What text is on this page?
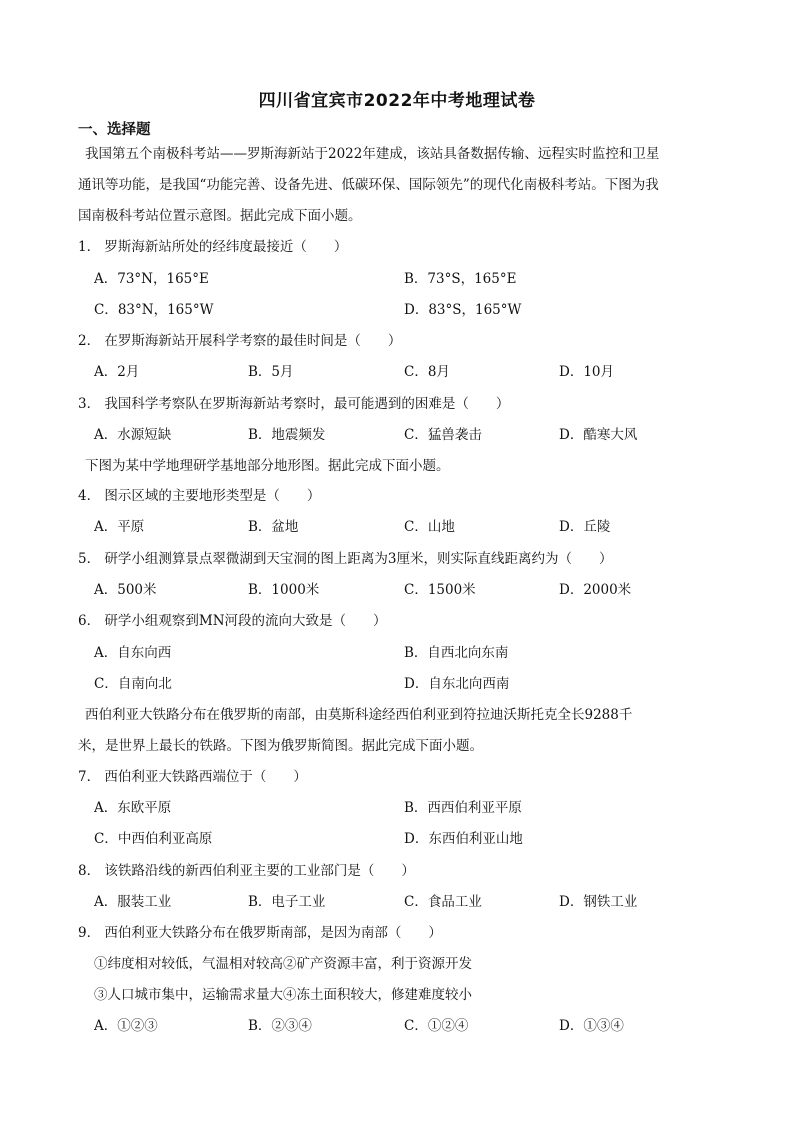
四川省宜宾市2022年中考地理试卷
一、选择题
我国第五个南极科考站——罗斯海新站于2022年建成，该站具备数据传输、远程实时监控和卫星
通讯等功能，是我国“功能完善、设备先进、低碳环保、国际领先”的现代化南极科考站。下图为我
国南极科考站位置示意图。据此完成下面小题。
1． 罗斯海新站所处的经纬度最接近（　　）
A．73°N，165°E	B．73°S，165°E
C．83°N，165°W	D．83°S，165°W
2． 在罗斯海新站开展科学考察的最佳时间是（　　）
A．2月	B．5月	C．8月	D．10月
3． 我国科学考察队在罗斯海新站考察时，最可能遇到的困难是（　　）
A．水源短缺	B．地震频发	C．猛兽袭击	D．酷寒大风
下图为某中学地理研学基地部分地形图。据此完成下面小题。
4． 图示区域的主要地形类型是（　　）
A．平原	B．盆地	C．山地	D．丘陵
5． 研学小组测算景点翠微湖到天宝洞的图上距离为3厘米，则实际直线距离约为（　　）
A．500米	B．1000米	C．1500米	D．2000米
6． 研学小组观察到MN河段的流向大致是（　　）
A．自东向西	B．自西北向东南
C．自南向北	D．自东北向西南
西伯利亚大铁路分布在俄罗斯的南部，由莫斯科途经西伯利亚到符拉迪沃斯托克全长9288千
米，是世界上最长的铁路。下图为俄罗斯简图。据此完成下面小题。
7． 西伯利亚大铁路西端位于（　　）
A．东欧平原	B．西西伯利亚平原
C．中西伯利亚高原	D．东西伯利亚山地
8． 该铁路沿线的新西伯利亚主要的工业部门是（　　）
A．服装工业	B．电子工业	C．食品工业	D．钢铁工业
9． 西伯利亚大铁路分布在俄罗斯南部，是因为南部（　　）
①纬度相对较低，气温相对较高②矿产资源丰富，利于资源开发
③人口城市集中，运输需求量大④冻土面积较大，修建难度较小
A．①②③	B．②③④	C．①②④	D．①③④
